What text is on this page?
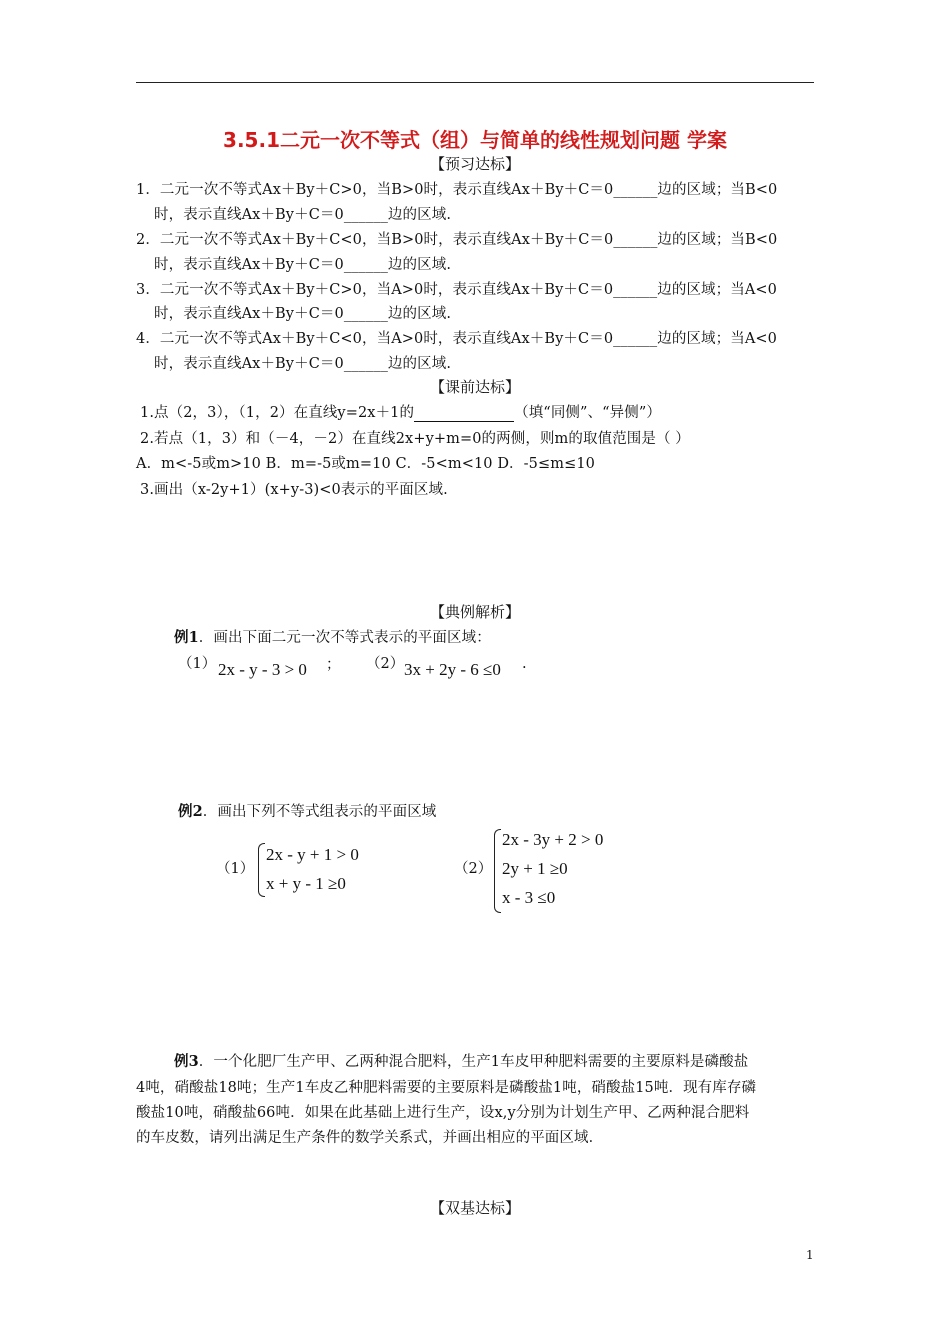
3.5.1二元一次不等式（组）与简单的线性规划问题 学案
【预习达标】
1．二元一次不等式Ax＋By＋C>0，当B>0时，表示直线Ax＋By＋C＝0______边的区域；当B<0
时，表示直线Ax＋By＋C＝0______边的区域.
2．二元一次不等式Ax＋By＋C<0，当B>0时，表示直线Ax＋By＋C＝0______边的区域；当B<0
时，表示直线Ax＋By＋C＝0______边的区域.
3．二元一次不等式Ax＋By＋C>0，当A>0时，表示直线Ax＋By＋C＝0______边的区域；当A<0
时，表示直线Ax＋By＋C＝0______边的区域.
4．二元一次不等式Ax＋By＋C<0，当A>0时，表示直线Ax＋By＋C＝0______边的区域；当A<0
时，表示直线Ax＋By＋C＝0______边的区域.
【课前达标】
1.点（2，3），（1，2）在直线y=2x＋1的	（填“同侧”、“异侧”）
2.若点（1，3）和（－4，－2）在直线2x+y+m=0的两侧，则m的取值范围是（ ）
A．m<-5或m>10 B．m=-5或m=10 C．-5<m<10 D．-5≤m≤10
3.画出（x-2y+1）(x+y-3)<0表示的平面区域.
【典例解析】
例1．画出下面二元一次不等式表示的平面区域：
（1） 2x - y - 3 > 0 ； （2） 3x + 2y - 6 ≤0 .
例2．画出下列不等式组表示的平面区域
（1）
2x - y + 1 > 0
x + y - 1 ≥0
（2）
2x - 3y + 2 > 0
2y + 1 ≥0
x - 3 ≤0
例3．一个化肥厂生产甲、乙两种混合肥料，生产1车皮甲种肥料需要的主要原料是磷酸盐
4吨，硝酸盐18吨；生产1车皮乙种肥料需要的主要原料是磷酸盐1吨，硝酸盐15吨．现有库存磷
酸盐10吨，硝酸盐66吨．如果在此基础上进行生产，设x,y分别为计划生产甲、乙两种混合肥料
的车皮数，请列出满足生产条件的数学关系式，并画出相应的平面区域．
【双基达标】
1
